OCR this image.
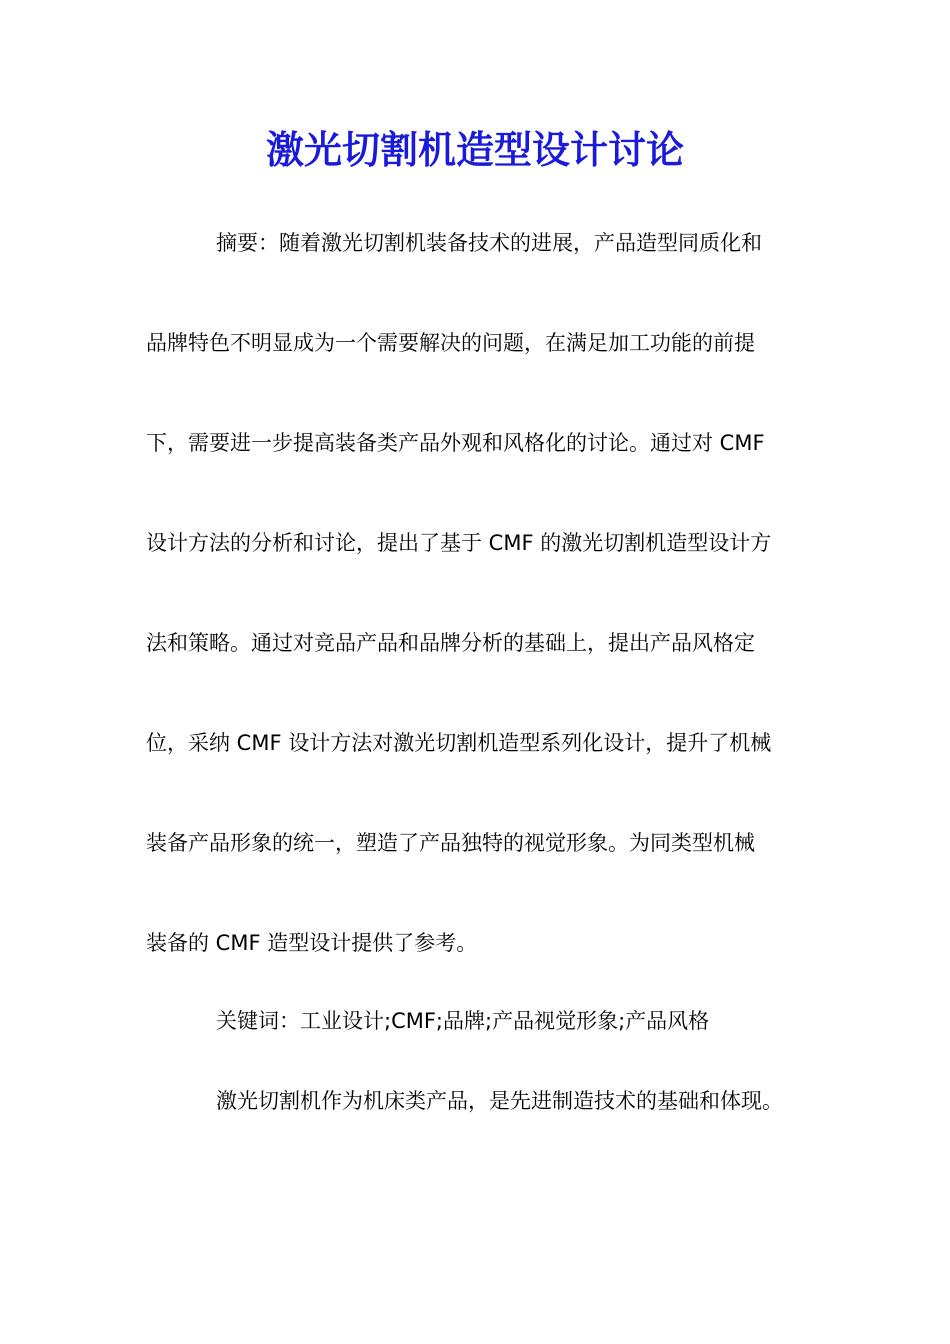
激光切割机造型设计讨论

摘要：随着激光切割机装备技术的进展，产品造型同质化和

品牌特色不明显成为一个需要解决的问题，在满足加工功能的前提

下，需要进一步提高装备类产品外观和风格化的讨论。通过对 CMF

设计方法的分析和讨论，提出了基于 CMF 的激光切割机造型设计方

法和策略。通过对竞品产品和品牌分析的基础上，提出产品风格定

位，采纳 CMF 设计方法对激光切割机造型系列化设计，提升了机械

装备产品形象的统一，塑造了产品独特的视觉形象。为同类型机械

装备的 CMF 造型设计提供了参考。

关键词：工业设计;CMF;品牌;产品视觉形象;产品风格

激光切割机作为机床类产品，是先进制造技术的基础和体现。
